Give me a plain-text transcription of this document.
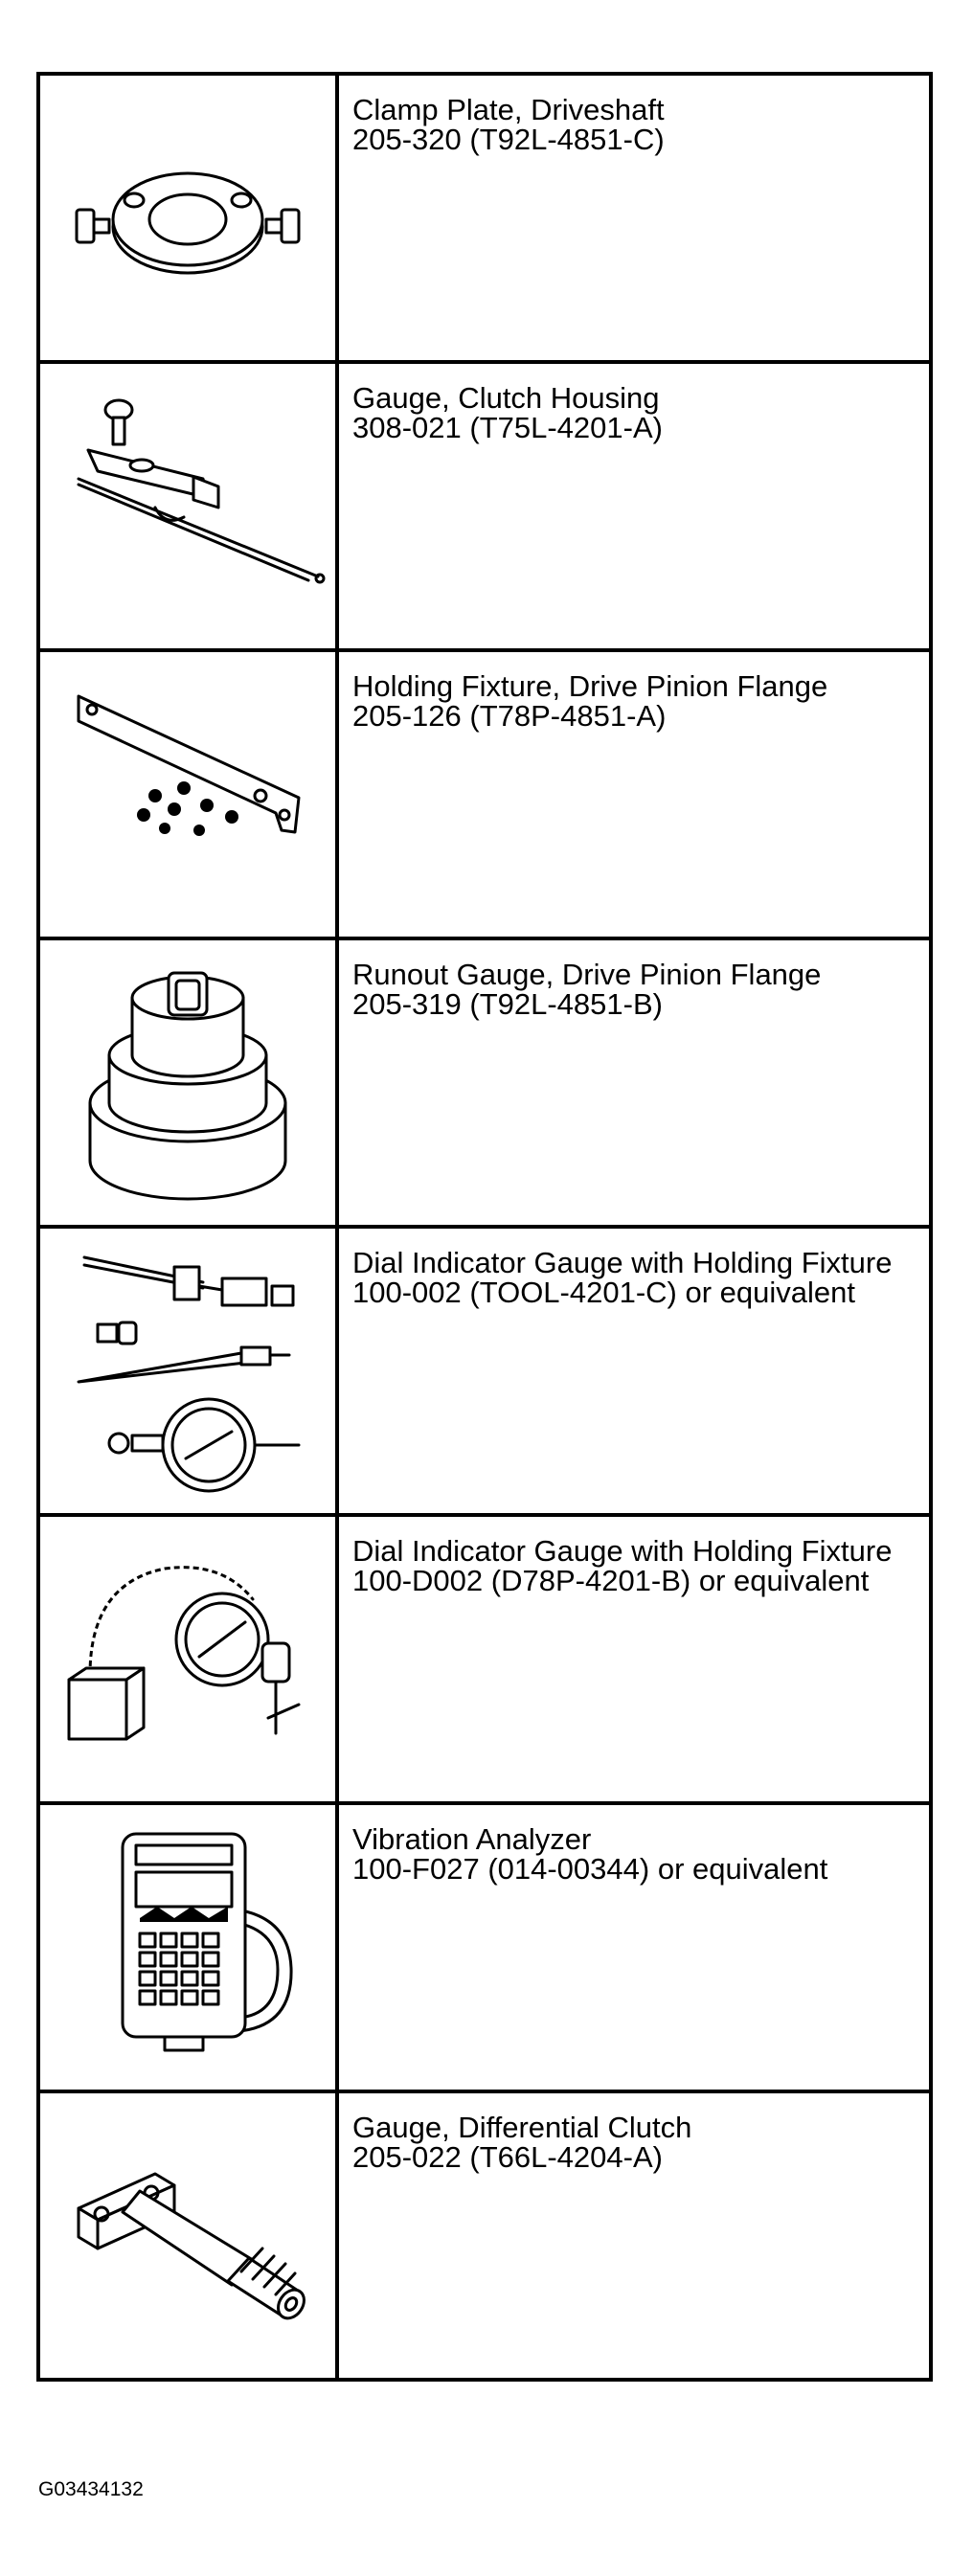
Clamp Plate, Driveshaft
205-320 (T92L-4851-C)

Gauge, Clutch Housing
308-021 (T75L-4201-A)

Holding Fixture, Drive Pinion Flange
205-126 (T78P-4851-A)

Runout Gauge, Drive Pinion Flange
205-319 (T92L-4851-B)

Dial Indicator Gauge with Holding Fixture
100-002 (TOOL-4201-C) or equivalent

Dial Indicator Gauge with Holding Fixture
100-D002 (D78P-4201-B) or equivalent

Vibration Analyzer
100-F027 (014-00344) or equivalent

Gauge, Differential Clutch
205-022 (T66L-4204-A)
G03434132
